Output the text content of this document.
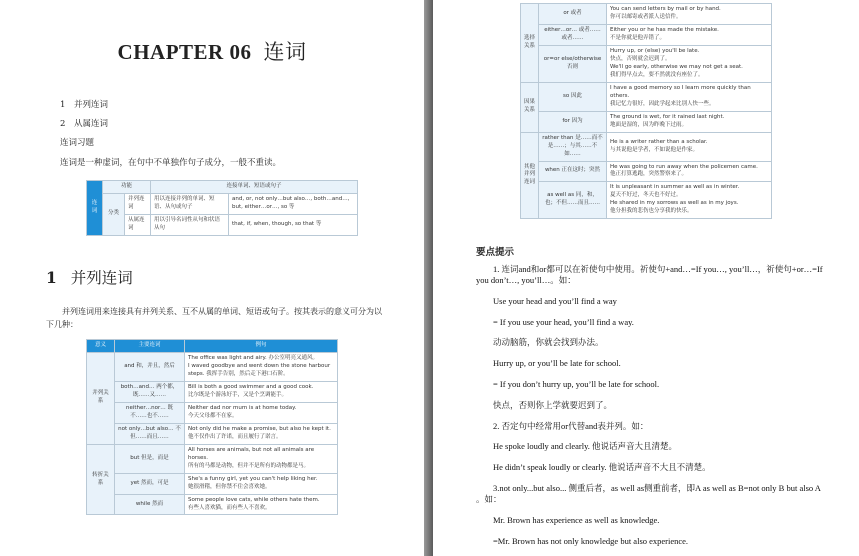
CHAPTER 06 连词
1 并列连词
2 从属连词
连词习题
连词是一种虚词，在句中不单独作句子成分，一般不重读。
连词	功能		连接单词、短语或句子	
	分类	并列连词	用以连接并列的单词、短语、从句或句子	and, or, not only…but also…, both…and…, but, either…or…, so 等
		从属连词	用以引导名词性从句和状语从句	that, if, when, though, so that 等
1 并列连词
并列连词用来连接具有并列关系、互不从属的单词、短语或句子。按其表示的意义可分为以下几种：
意义	主要连词	例句
并列关系	and 和，并且，然后	The office was light and airy. 办公室明亮又通风。
I waved goodbye and went down the stone harbour steps. 我挥手告别，然后走下港口石阶。

	both…and… 两个都，既……又……	Bill is both a good swimmer and a good cook.
比尔既是个游泳好手，又是个烹调能手。

	neither…nor… 既不……也不……	Neither dad nor mum is at home today.
今天父母都不在家。

	not only…but also… 不但……而且……	Not only did he make a promise, but also he kept it.
他不仅作出了许诺，而且履行了诺言。

转折关系	but 但是，而是	All horses are animals, but not all animals are horses.
所有的马都是动物，但并不是所有的动物都是马。

	yet 然而，可是	She's a funny girl, yet you can't help liking her.
她很滑稽，但你禁不住会喜欢她。

	while 然而	Some people love cats, while others hate them.
有些人喜欢猫，而有些人不喜欢。
要点提示

1. 连词and和or都可以在祈使句中使用。祈使句+and…=If you…, you’ll…，祈使句+or…=If you don’t…, you’ll…。如：

Use your head and you’ll find a way

= If you use your head, you’ll find a way.

动动脑筋，你就会找到办法。

Hurry up, or you’ll be late for school.

= If you don’t hurry up, you’ll be late for school.

快点，否则你上学就要迟到了。

2. 否定句中经常用or代替and表并列。如：

He spoke loudly and clearly. 他说话声音大且清楚。

He didn’t speak loudly or clearly. 他说话声音不大且不清楚。

3.not only...but also... 侧重后者，as well as侧重前者，即A as well as B=not only B but also A 。如：

Mr. Brown has experience as well as knowledge.

=Mr. Brown has not only knowledge but also experience.

选择关系	or 或者	You can send letters by mail or by hand.
你可以邮寄或者派人送信件。

	either…or… 或者……或者……	Either you or he has made the mistake.
不是你就是他弄错了。

	or=or else/otherwise 否则	Hurry up, or (else) you'll be late.
快点，否则就会迟到了。
We'll go early, otherwise we may not get a seat.
我们得早点去，要不然就没有座位了。

因果关系	so 因此	I have a good memory so I learn more quickly than others.
我记忆力很好，因此学起来比别人快一些。

	for 因为	The ground is wet, for it rained last night.
地面是湿的，因为昨晚下过雨。

其他并列连词	rather than 是……而不是……；与其……不如……	He is a writer rather than a scholar.
与其说他是学者，不如说他是作家。

	when 正在这时；突然	He was going to run away when the policemen came.
他正打算逃跑，突然警察来了。

	as well as 同，和，也；不但……而且……	It is unpleasant in summer as well as in winter.
夏天不好过，冬天也不好过。
He shared in my sorrows as well as in my joys.
他分担我的悲伤也分享我的快乐。
